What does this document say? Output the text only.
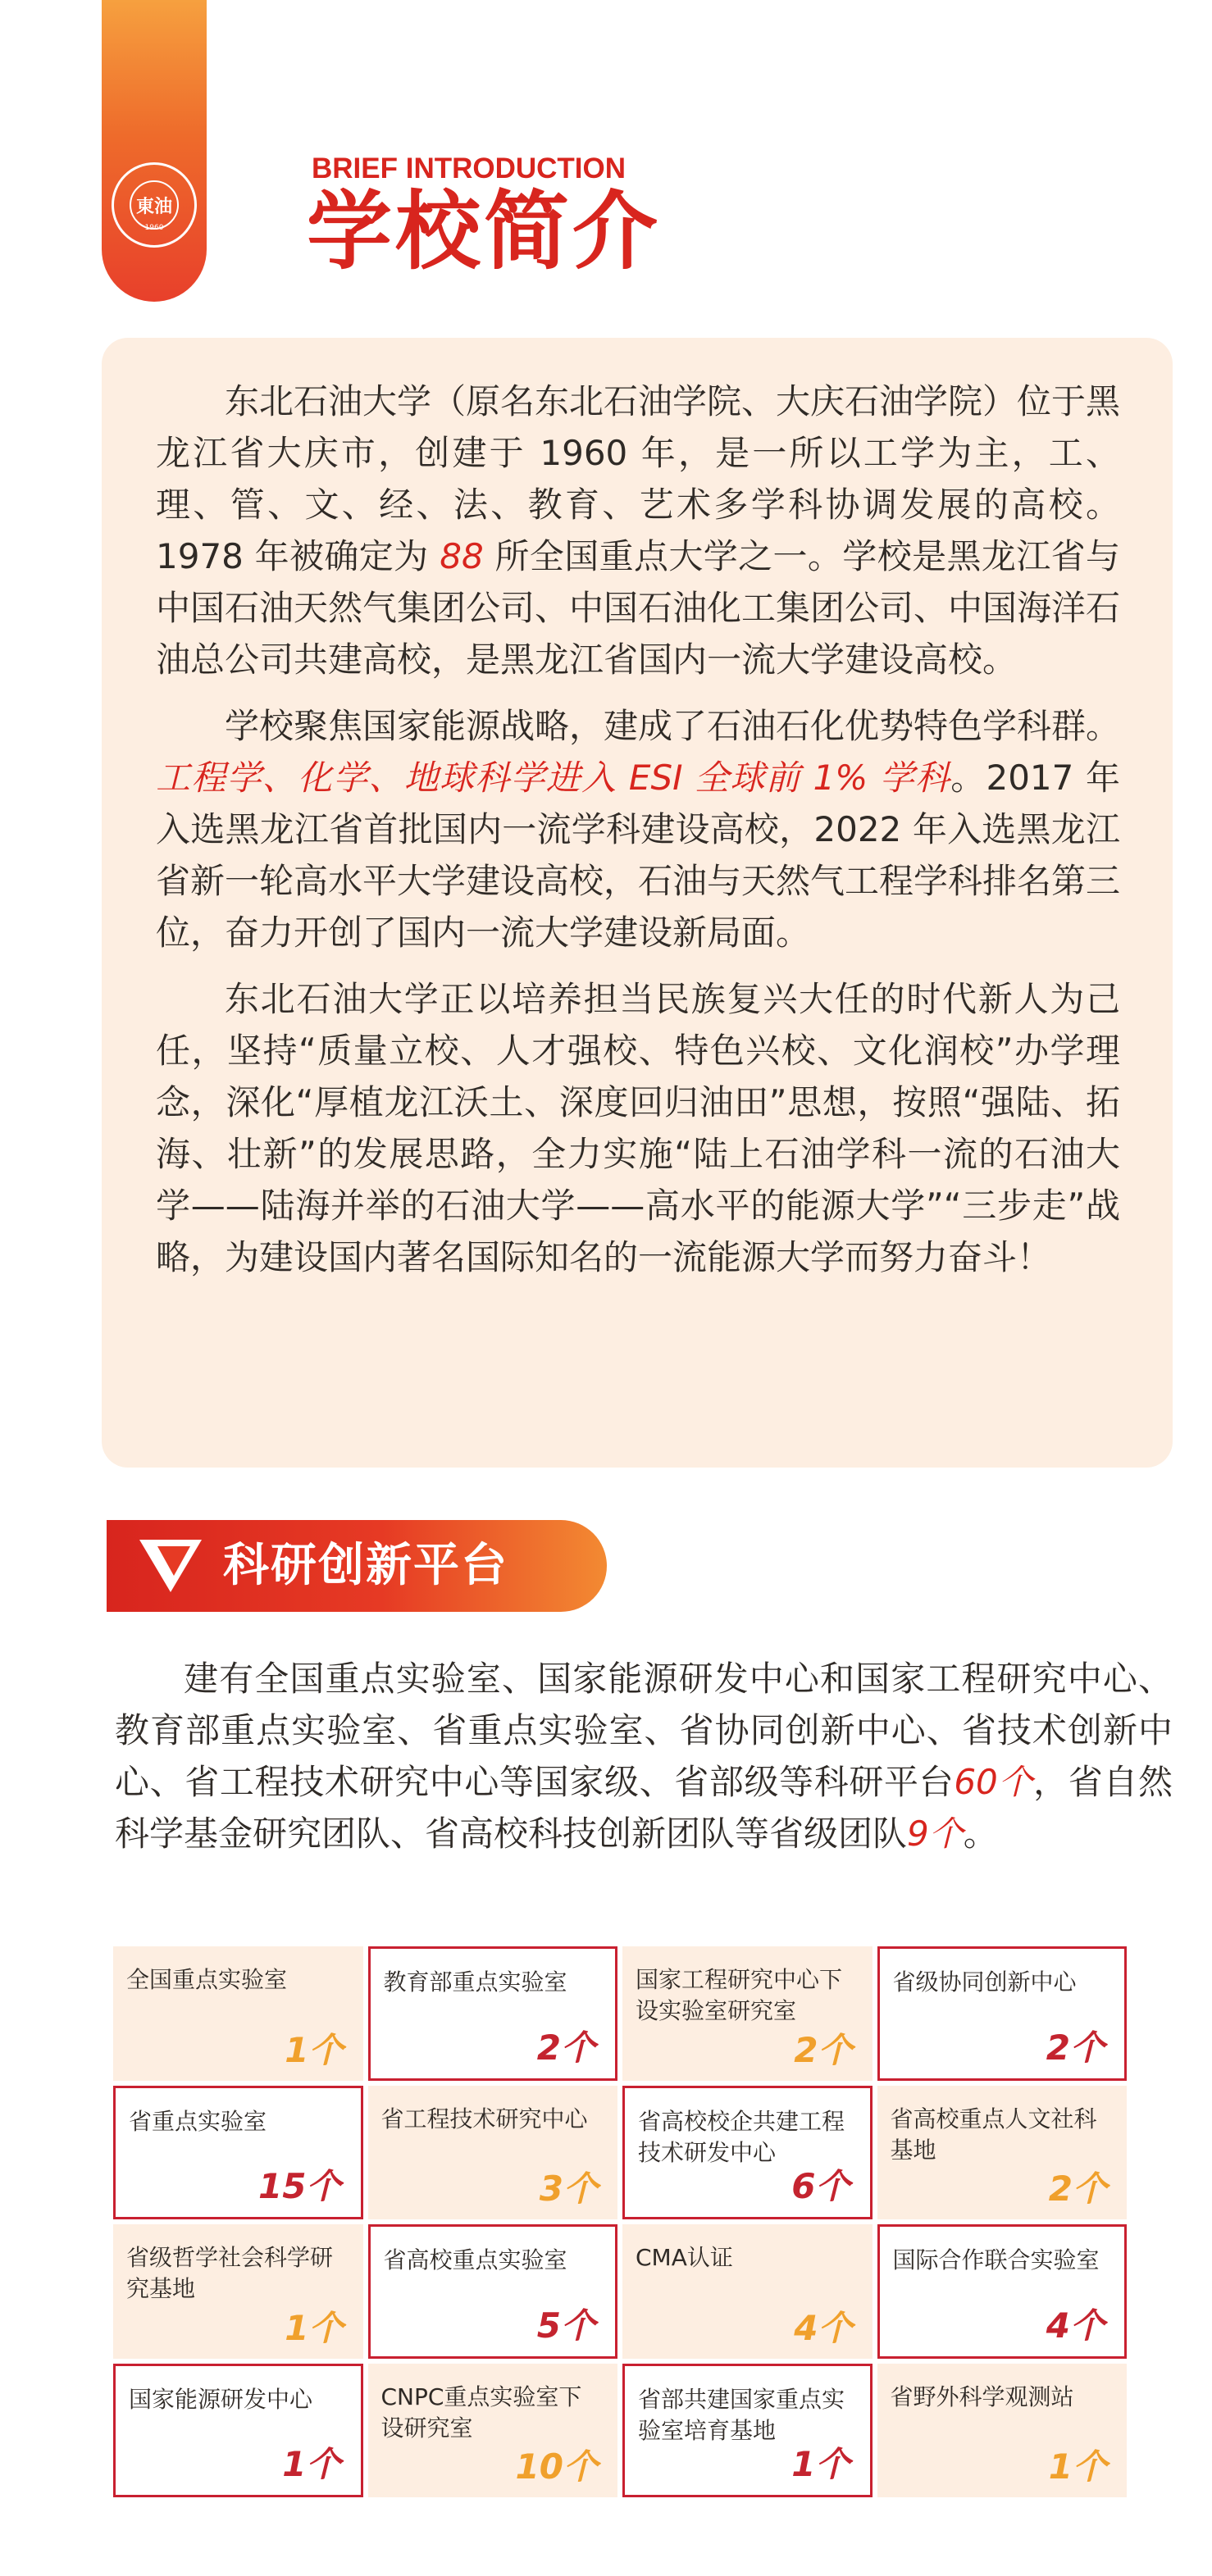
東油
1960
BRIEF INTRODUCTION
学校简介

东北石油大学（原名东北石油学院、大庆石油学院）位于黑龙江省大庆市，创建于 1960 年，是一所以工学为主，工、理、管、文、经、法、教育、艺术多学科协调发展的高校。1978 年被确定为 88 所全国重点大学之一。学校是黑龙江省与中国石油天然气集团公司、中国石油化工集团公司、中国海洋石油总公司共建高校，是黑龙江省国内一流大学建设高校。

学校聚焦国家能源战略，建成了石油石化优势特色学科群。工程学、化学、地球科学进入 ESI 全球前 1% 学科。2017 年入选黑龙江省首批国内一流学科建设高校，2022 年入选黑龙江省新一轮高水平大学建设高校，石油与天然气工程学科排名第三位，奋力开创了国内一流大学建设新局面。

东北石油大学正以培养担当民族复兴大任的时代新人为己任，坚持“质量立校、人才强校、特色兴校、文化润校”办学理念，深化“厚植龙江沃土、深度回归油田”思想，按照“强陆、拓海、壮新”的发展思路，全力实施“陆上石油学科一流的石油大学——陆海并举的石油大学——高水平的能源大学”“三步走”战略，为建设国内著名国际知名的一流能源大学而努力奋斗！

科研创新平台

建有全国重点实验室、国家能源研发中心和国家工程研究中心、教育部重点实验室、省重点实验室、省协同创新中心、省技术创新中心、省工程技术研究中心等国家级、省部级等科研平台60个，省自然科学基金研究团队、省高校科技创新团队等省级团队9个。

全国重点实验室
1个
教育部重点实验室
2个
国家工程研究中心下设实验室研究室
2个
省级协同创新中心
2个
省重点实验室
15个
省工程技术研究中心
3个
省高校校企共建工程技术研发中心
6个
省高校重点人文社科基地
2个
省级哲学社会科学研究基地
1个
省高校重点实验室
5个
CMA认证
4个
国际合作联合实验室
4个
国家能源研发中心
1个
CNPC重点实验室下设研究室
10个
省部共建国家重点实验室培育基地
1个
省野外科学观测站
1个
